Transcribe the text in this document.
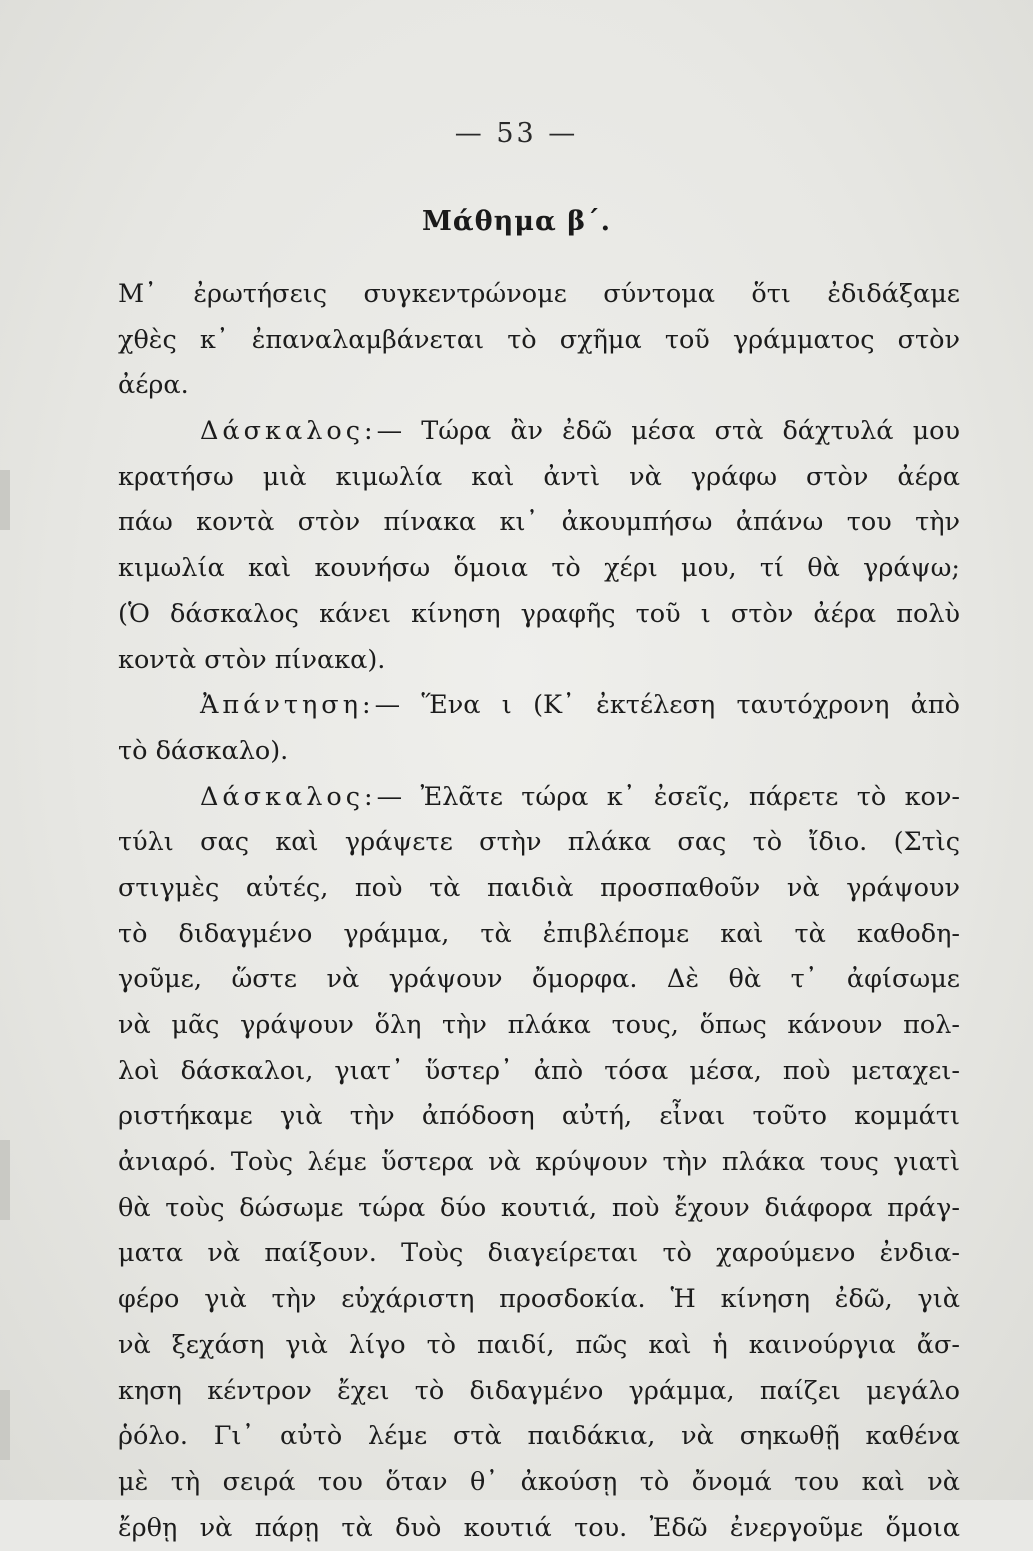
— 53 —
Μάθημα β΄.
Μ᾽ ἐρωτήσεις συγκεντρώνομε σύντομα ὅτι ἐδιδάξαμε
χθὲς κ᾽ ἐπαναλαμβάνεται τὸ σχῆμα τοῦ γράμματος στὸν
ἀέρα.
Δάσκαλος:— Τώρα ἂν ἐδῶ μέσα στὰ δάχτυλά μου
κρατήσω μιὰ κιμωλία καὶ ἀντὶ νὰ γράφω στὸν ἀέρα
πάω κοντὰ στὸν πίνακα κι᾽ ἀκουμπήσω ἀπάνω του τὴν
κιμωλία καὶ κουνήσω ὅμοια τὸ χέρι μου, τί θὰ γράψω;
(Ὁ δάσκαλος κάνει κίνηση γραφῆς τοῦ ι στὸν ἀέρα πολὺ
κοντὰ στὸν πίνακα).
Ἀπάντηση:— Ἕνα ι (Κ᾽ ἐκτέλεση ταυτόχρονη ἀπὸ
τὸ δάσκαλο).
Δάσκαλος:— Ἐλᾶτε τώρα κ᾽ ἐσεῖς, πάρετε τὸ κον-
τύλι σας καὶ γράψετε στὴν πλάκα σας τὸ ἴδιο. (Στὶς
στιγμὲς αὐτές, ποὺ τὰ παιδιὰ προσπαθοῦν νὰ γράψουν
τὸ διδαγμένο γράμμα, τὰ ἐπιβλέπομε καὶ τὰ καθοδη-
γοῦμε, ὥστε νὰ γράψουν ὄμορφα. Δὲ θὰ τ᾽ ἀφίσωμε
νὰ μᾶς γράψουν ὅλη τὴν πλάκα τους, ὅπως κάνουν πολ-
λοὶ δάσκαλοι, γιατ᾽ ὕστερ᾽ ἀπὸ τόσα μέσα, ποὺ μεταχει-
ριστήκαμε γιὰ τὴν ἀπόδοση αὐτή, εἶναι τοῦτο κομμάτι
ἀνιαρό. Τοὺς λέμε ὕστερα νὰ κρύψουν τὴν πλάκα τους γιατὶ
θὰ τοὺς δώσωμε τώρα δύο κουτιά, ποὺ ἔχουν διάφορα πράγ-
ματα νὰ παίξουν. Τοὺς διαγείρεται τὸ χαρούμενο ἐνδια-
φέρο γιὰ τὴν εὐχάριστη προσδοκία. Ἡ κίνηση ἐδῶ, γιὰ
νὰ ξεχάση γιὰ λίγο τὸ παιδί, πῶς καὶ ἡ καινούργια ἄσ-
κηση κέντρον ἔχει τὸ διδαγμένο γράμμα, παίζει μεγάλο
ῥόλο. Γι᾽ αὐτὸ λέμε στὰ παιδάκια, νὰ σηκωθῇ καθένα
μὲ τὴ σειρά του ὅταν θ᾽ ἀκούσῃ τὸ ὄνομά του καὶ νὰ
ἔρθῃ νὰ πάρῃ τὰ δυὸ κουτιά του. Ἐδῶ ἐνεργοῦμε ὅμοια
